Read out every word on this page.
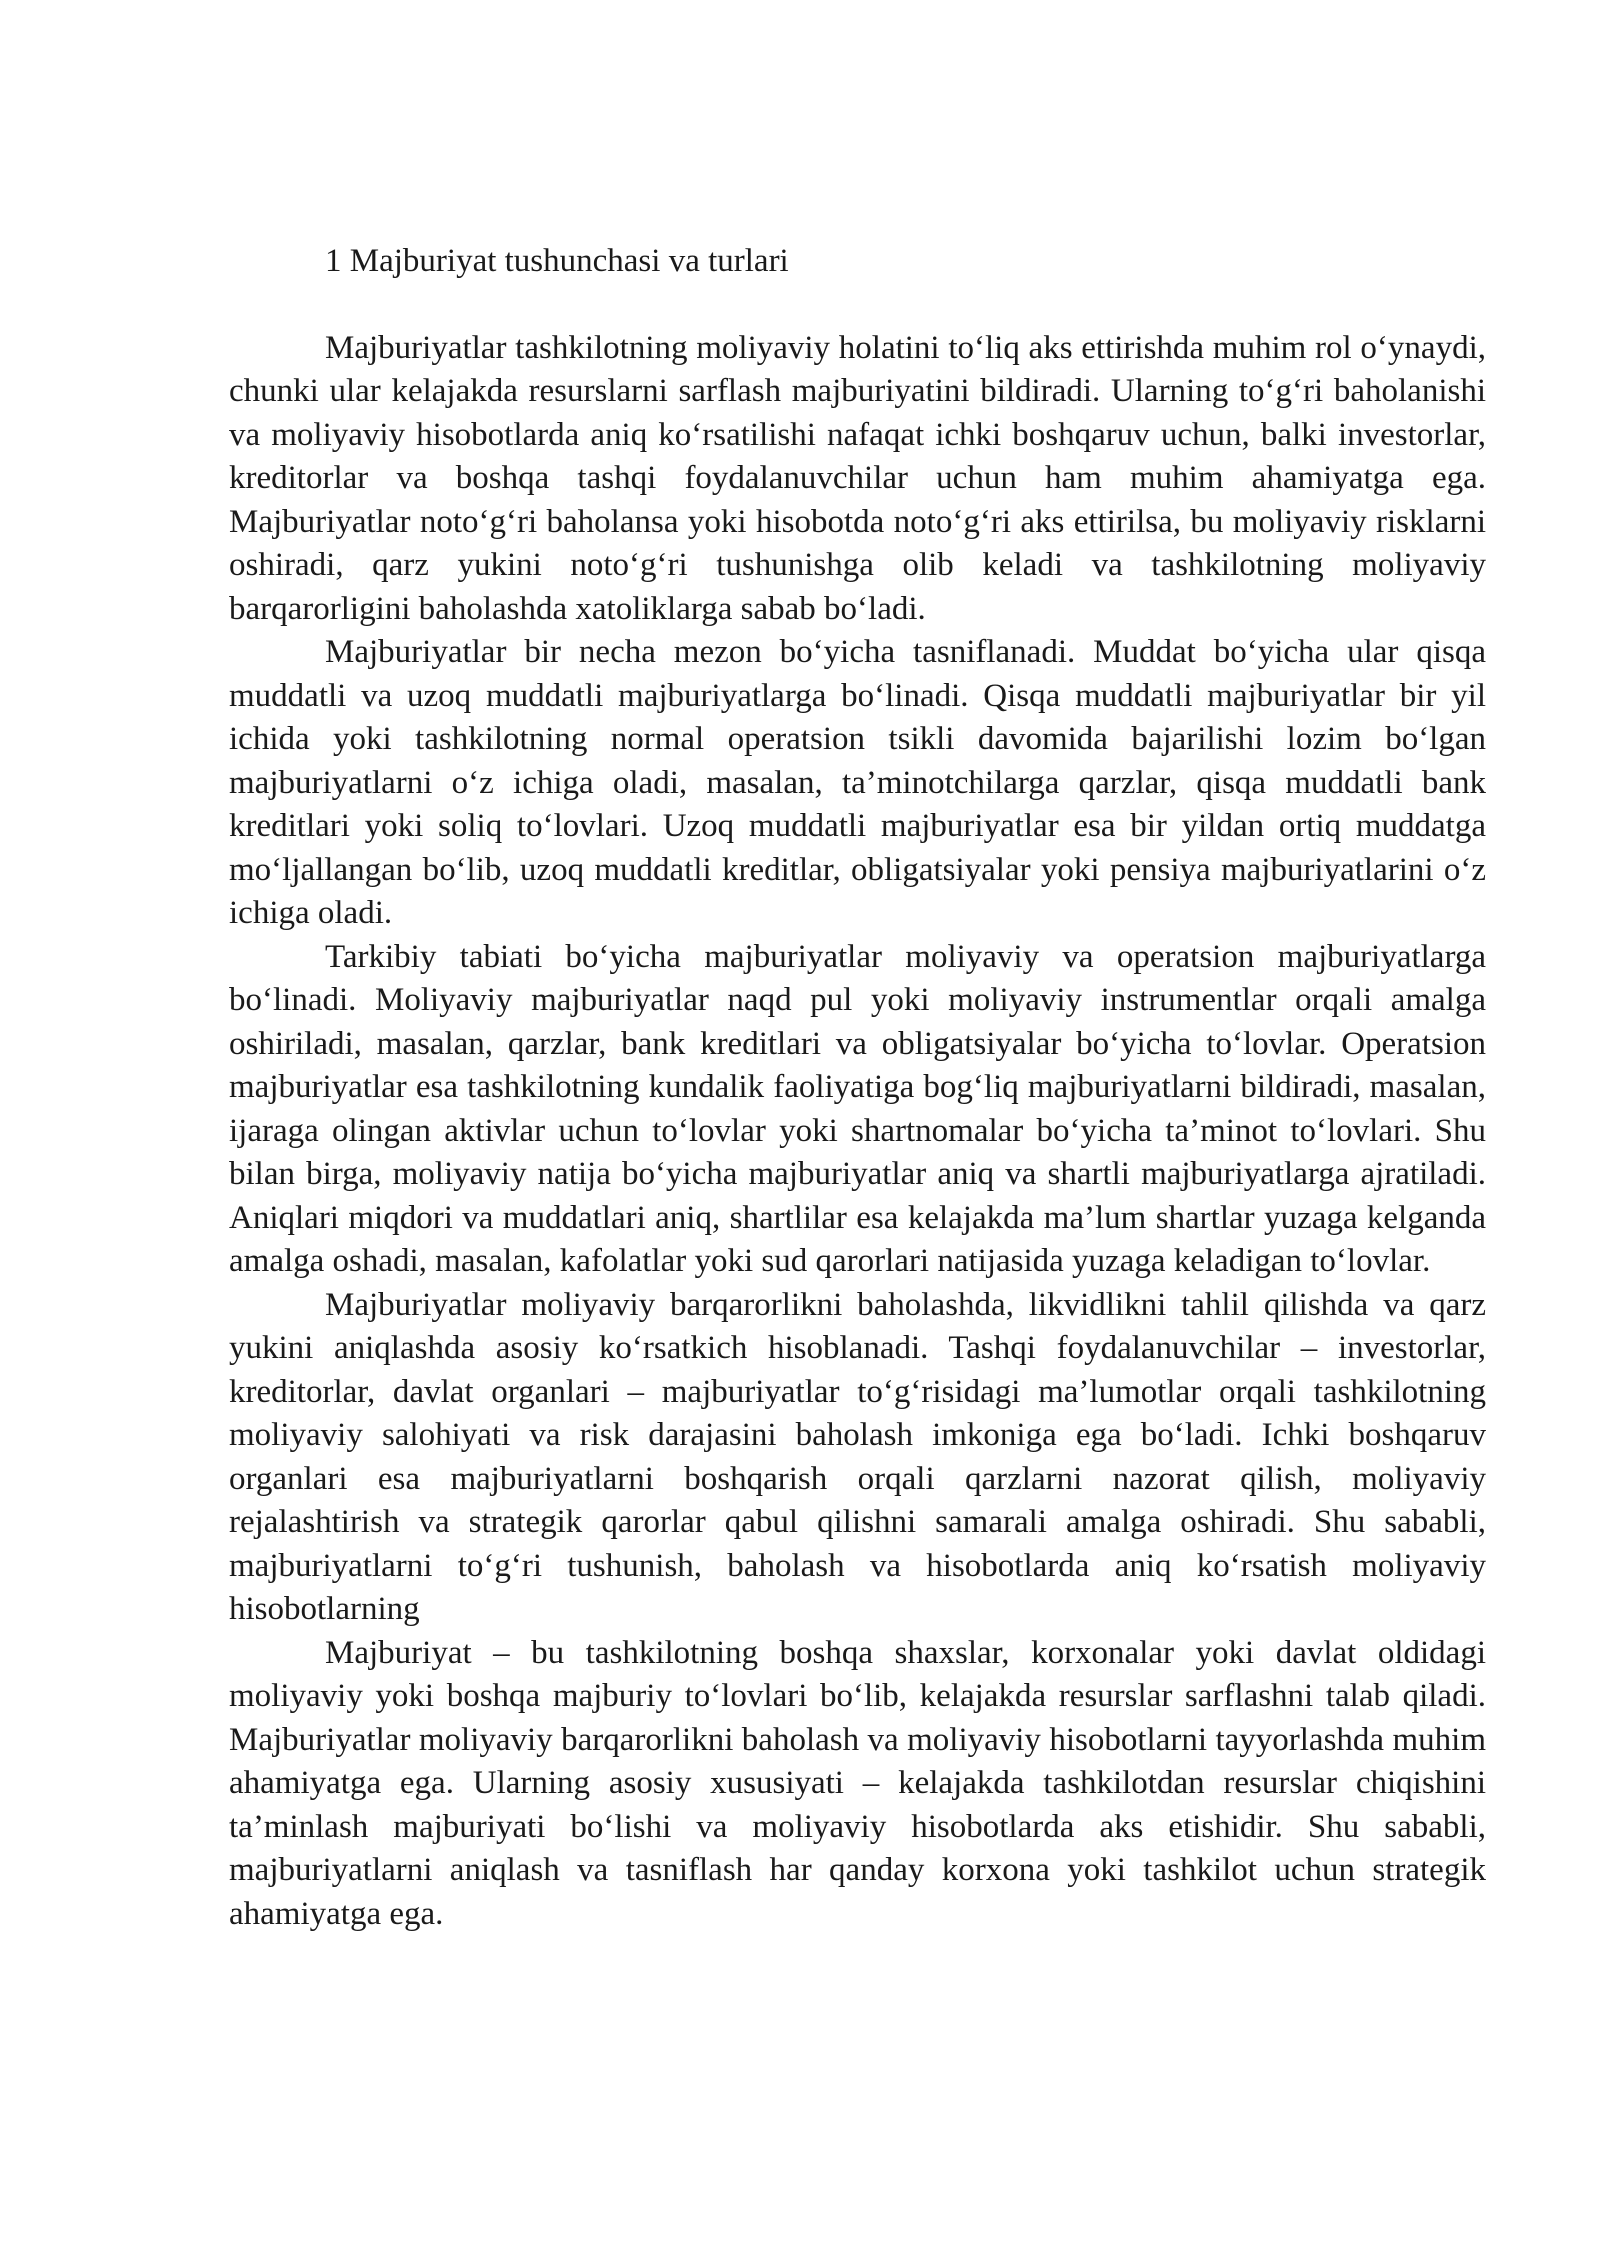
1 Majburiyat tushunchasi va turlari

Majburiyatlar tashkilotning moliyaviy holatini to‘liq aks ettirishda muhim rol o‘ynaydi, chunki ular kelajakda resurslarni sarflash majburiyatini bildiradi. Ularning to‘g‘ri baholanishi va moliyaviy hisobotlarda aniq ko‘rsatilishi nafaqat ichki boshqaruv uchun, balki investorlar, kreditorlar va boshqa tashqi foydalanuvchilar uchun ham muhim ahamiyatga ega. Majburiyatlar noto‘g‘ri baholansa yoki hisobotda noto‘g‘ri aks ettirilsa, bu moliyaviy risklarni oshiradi, qarz yukini noto‘g‘ri tushunishga olib keladi va tashkilotning moliyaviy barqarorligini baholashda xatoliklarga sabab bo‘ladi.

Majburiyatlar bir necha mezon bo‘yicha tasniflanadi. Muddat bo‘yicha ular qisqa muddatli va uzoq muddatli majburiyatlarga bo‘linadi. Qisqa muddatli majburiyatlar bir yil ichida yoki tashkilotning normal operatsion tsikli davomida bajarilishi lozim bo‘lgan majburiyatlarni o‘z ichiga oladi, masalan, ta’minotchilarga qarzlar, qisqa muddatli bank kreditlari yoki soliq to‘lovlari. Uzoq muddatli majburiyatlar esa bir yildan ortiq muddatga mo‘ljallangan bo‘lib, uzoq muddatli kreditlar, obligatsiyalar yoki pensiya majburiyatlarini o‘z ichiga oladi.

Tarkibiy tabiati bo‘yicha majburiyatlar moliyaviy va operatsion majburiyatlarga bo‘linadi. Moliyaviy majburiyatlar naqd pul yoki moliyaviy instrumentlar orqali amalga oshiriladi, masalan, qarzlar, bank kreditlari va obligatsiyalar bo‘yicha to‘lovlar. Operatsion majburiyatlar esa tashkilotning kundalik faoliyatiga bog‘liq majburiyatlarni bildiradi, masalan, ijaraga olingan aktivlar uchun to‘lovlar yoki shartnomalar bo‘yicha ta’minot to‘lovlari. Shu bilan birga, moliyaviy natija bo‘yicha majburiyatlar aniq va shartli majburiyatlarga ajratiladi. Aniqlari miqdori va muddatlari aniq, shartlilar esa kelajakda ma’lum shartlar yuzaga kelganda amalga oshadi, masalan, kafolatlar yoki sud qarorlari natijasida yuzaga keladigan to‘lovlar.

Majburiyatlar moliyaviy barqarorlikni baholashda, likvidlikni tahlil qilishda va qarz yukini aniqlashda asosiy ko‘rsatkich hisoblanadi. Tashqi foydalanuvchilar – investorlar, kreditorlar, davlat organlari – majburiyatlar to‘g‘risidagi ma’lumotlar orqali tashkilotning moliyaviy salohiyati va risk darajasini baholash imkoniga ega bo‘ladi. Ichki boshqaruv organlari esa majburiyatlarni boshqarish orqali qarzlarni nazorat qilish, moliyaviy rejalashtirish va strategik qarorlar qabul qilishni samarali amalga oshiradi. Shu sababli, majburiyatlarni to‘g‘ri tushunish, baholash va hisobotlarda aniq ko‘rsatish moliyaviy hisobotlarning

Majburiyat – bu tashkilotning boshqa shaxslar, korxonalar yoki davlat oldidagi moliyaviy yoki boshqa majburiy to‘lovlari bo‘lib, kelajakda resurslar sarflashni talab qiladi. Majburiyatlar moliyaviy barqarorlikni baholash va moliyaviy hisobotlarni tayyorlashda muhim ahamiyatga ega. Ularning asosiy xususiyati – kelajakda tashkilotdan resurslar chiqishini ta’minlash majburiyati bo‘lishi va moliyaviy hisobotlarda aks etishidir. Shu sababli, majburiyatlarni aniqlash va tasniflash har qanday korxona yoki tashkilot uchun strategik ahamiyatga ega.
